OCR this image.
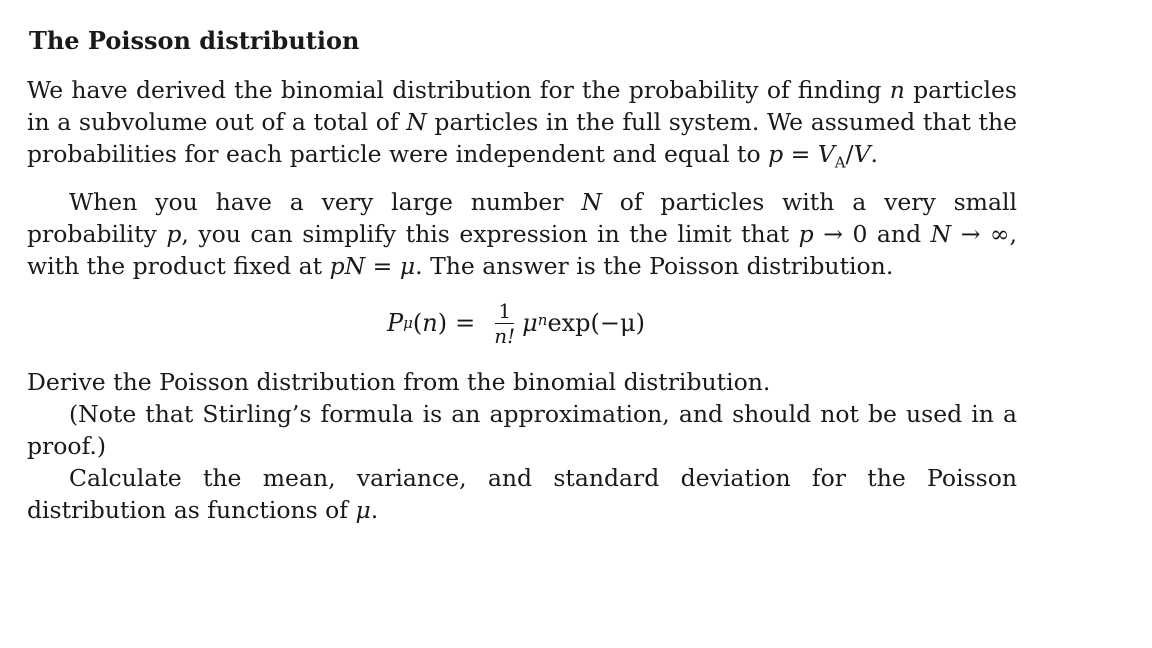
The Poisson distribution

We have derived the binomial distribution for the probability of finding n particles in a subvolume out of a total of N particles in the full system. We assumed that the probabilities for each particle were independent and equal to $p = V_A/V$.

When you have a very large number N of particles with a very small probability p, you can simplify this expression in the limit that p → 0 and N → ∞, with the product fixed at pN = μ. The answer is the Poisson distribution.

P μ $(n) = \frac{1}{n!} \mu^n$ exp(−μ)

Derive the Poisson distribution from the binomial distribution.

(Note that Stirling’s formula is an approximation, and should not be used in a proof.)

Calculate the mean, variance, and standard deviation for the Poisson distribution as functions of μ.
